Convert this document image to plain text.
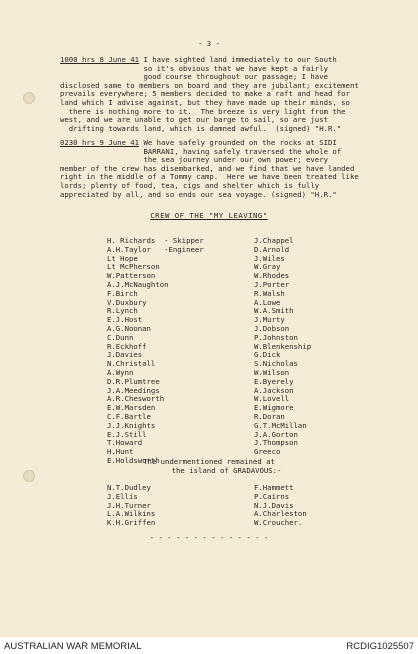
- 3 -
1000 hrs 8 June 41 I have sighted land immediately to our South
so it's obvious that we have kept a fairly
good course throughout our passage; I have
disclosed same to members on board and they are jubilant; excitement
prevails everywhere; 5 members decided to make a raft and head for
land which I advise against, but they have made up their minds, so
there is nothing more to it.  The breeze is very light from the
west, and we are unable to get our barge to sail, so are just
drifting towards land, which is damned awful.  (signed) "H.R."
0230 hrs 9 June 41 We have safely grounded on the rocks at SIDI
BARRANI, having safely traversed the whole of
the sea journey under our own power; every
member of the crew has disembarked, and we find that we have landed
right in the middle of a Tommy camp.  Here we have been treated like
lords; plenty of food, tea, cigs and shelter which is fully
appreciated by all, and so ends our sea voyage. (signed) "H.R."
CREW OF THE "MY LEAVING"
H. Richards  - Skipper
A.H.Taylor   -Engineer
Lt Hope
Lt McPherson
W.Patterson
A.J.McNaughton
F.Birch
V.Duxbury
R.Lynch
E.J.Host
A.G.Noonan
C.Dunn
R.Eckhoff
J.Davies
N.Christall
A.Wynn
D.R.Plumtree
J.A.Meedings
A.R.Chesworth
E.W.Marsden
C.F.Bartle
J.J.Knights
E.J.Still
T.Howard
H.Hunt
E.Holdsworth
J.Chappel
D.Arnold
J.Wiles
W.Gray
W.Rhodes
J.Porter
R.Walsh
A.Lowe
W.A.Smith
J.Murty
J.Dobson
P.Johnston
W.Blenkenship
G.Dick
S.Nicholas
W.Wilson
E.Byerely
A.Jackson
W.Lovell
E.Wigmore
R.Doran
G.T.McMillan
J.A.Gorton
J.Thompson
Greeco
The undermentioned remained at
the island of GRADAVOUS:-
N.T.Dudley
J.Ellis
J.H.Turner
L.A.Wilkins
K.H.Griffen
F.Hammett
P.Cairns
N.J.Davis
A.Charleston
W.Croucher.
- - - - - - - - - - - - - -
AUSTRALIAN WAR MEMORIAL	RCDIG1025507
